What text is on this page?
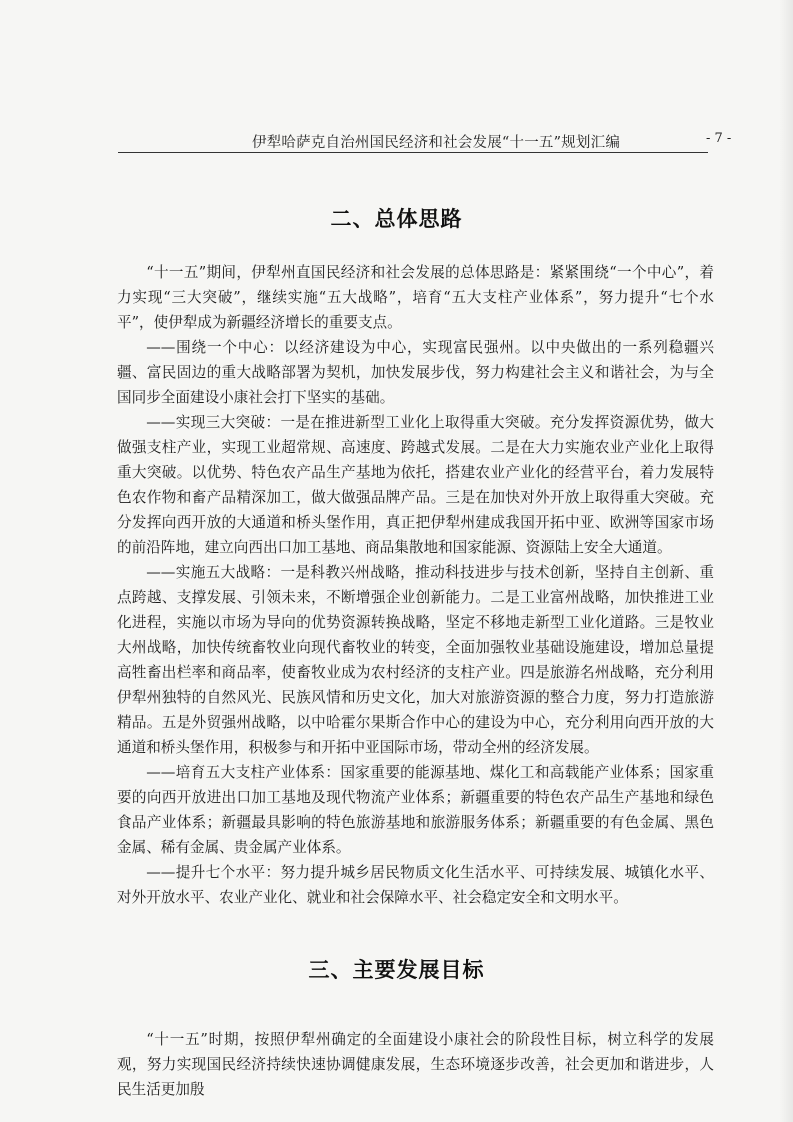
伊犁哈萨克自治州国民经济和社会发展“十一五”规划汇编	- 7 -
二、总体思路

“十一五”期间，伊犁州直国民经济和社会发展的总体思路是：紧紧围绕“一个中心”，着力实现“三大突破”，继续实施“五大战略”，培育“五大支柱产业体系”，努力提升“七个水平”，使伊犁成为新疆经济增长的重要支点。

——围绕一个中心：以经济建设为中心，实现富民强州。以中央做出的一系列稳疆兴疆、富民固边的重大战略部署为契机，加快发展步伐，努力构建社会主义和谐社会，为与全国同步全面建设小康社会打下坚实的基础。

——实现三大突破：一是在推进新型工业化上取得重大突破。充分发挥资源优势，做大做强支柱产业，实现工业超常规、高速度、跨越式发展。二是在大力实施农业产业化上取得重大突破。以优势、特色农产品生产基地为依托，搭建农业产业化的经营平台，着力发展特色农作物和畜产品精深加工，做大做强品牌产品。三是在加快对外开放上取得重大突破。充分发挥向西开放的大通道和桥头堡作用，真正把伊犁州建成我国开拓中亚、欧洲等国家市场的前沿阵地，建立向西出口加工基地、商品集散地和国家能源、资源陆上安全大通道。

——实施五大战略：一是科教兴州战略，推动科技进步与技术创新，坚持自主创新、重点跨越、支撑发展、引领未来，不断增强企业创新能力。二是工业富州战略，加快推进工业化进程，实施以市场为导向的优势资源转换战略，坚定不移地走新型工业化道路。三是牧业大州战略，加快传统畜牧业向现代畜牧业的转变，全面加强牧业基础设施建设，增加总量提高牲畜出栏率和商品率，使畜牧业成为农村经济的支柱产业。四是旅游名州战略，充分利用伊犁州独特的自然风光、民族风情和历史文化，加大对旅游资源的整合力度，努力打造旅游精品。五是外贸强州战略，以中哈霍尔果斯合作中心的建设为中心，充分利用向西开放的大通道和桥头堡作用，积极参与和开拓中亚国际市场，带动全州的经济发展。

——培育五大支柱产业体系：国家重要的能源基地、煤化工和高载能产业体系；国家重要的向西开放进出口加工基地及现代物流产业体系；新疆重要的特色农产品生产基地和绿色食品产业体系；新疆最具影响的特色旅游基地和旅游服务体系；新疆重要的有色金属、黑色金属、稀有金属、贵金属产业体系。

——提升七个水平：努力提升城乡居民物质文化生活水平、可持续发展、城镇化水平、对外开放水平、农业产业化、就业和社会保障水平、社会稳定安全和文明水平。

三、主要发展目标

“十一五”时期，按照伊犁州确定的全面建设小康社会的阶段性目标，树立科学的发展观，努力实现国民经济持续快速协调健康发展，生态环境逐步改善，社会更加和谐进步，人民生活更加殷
